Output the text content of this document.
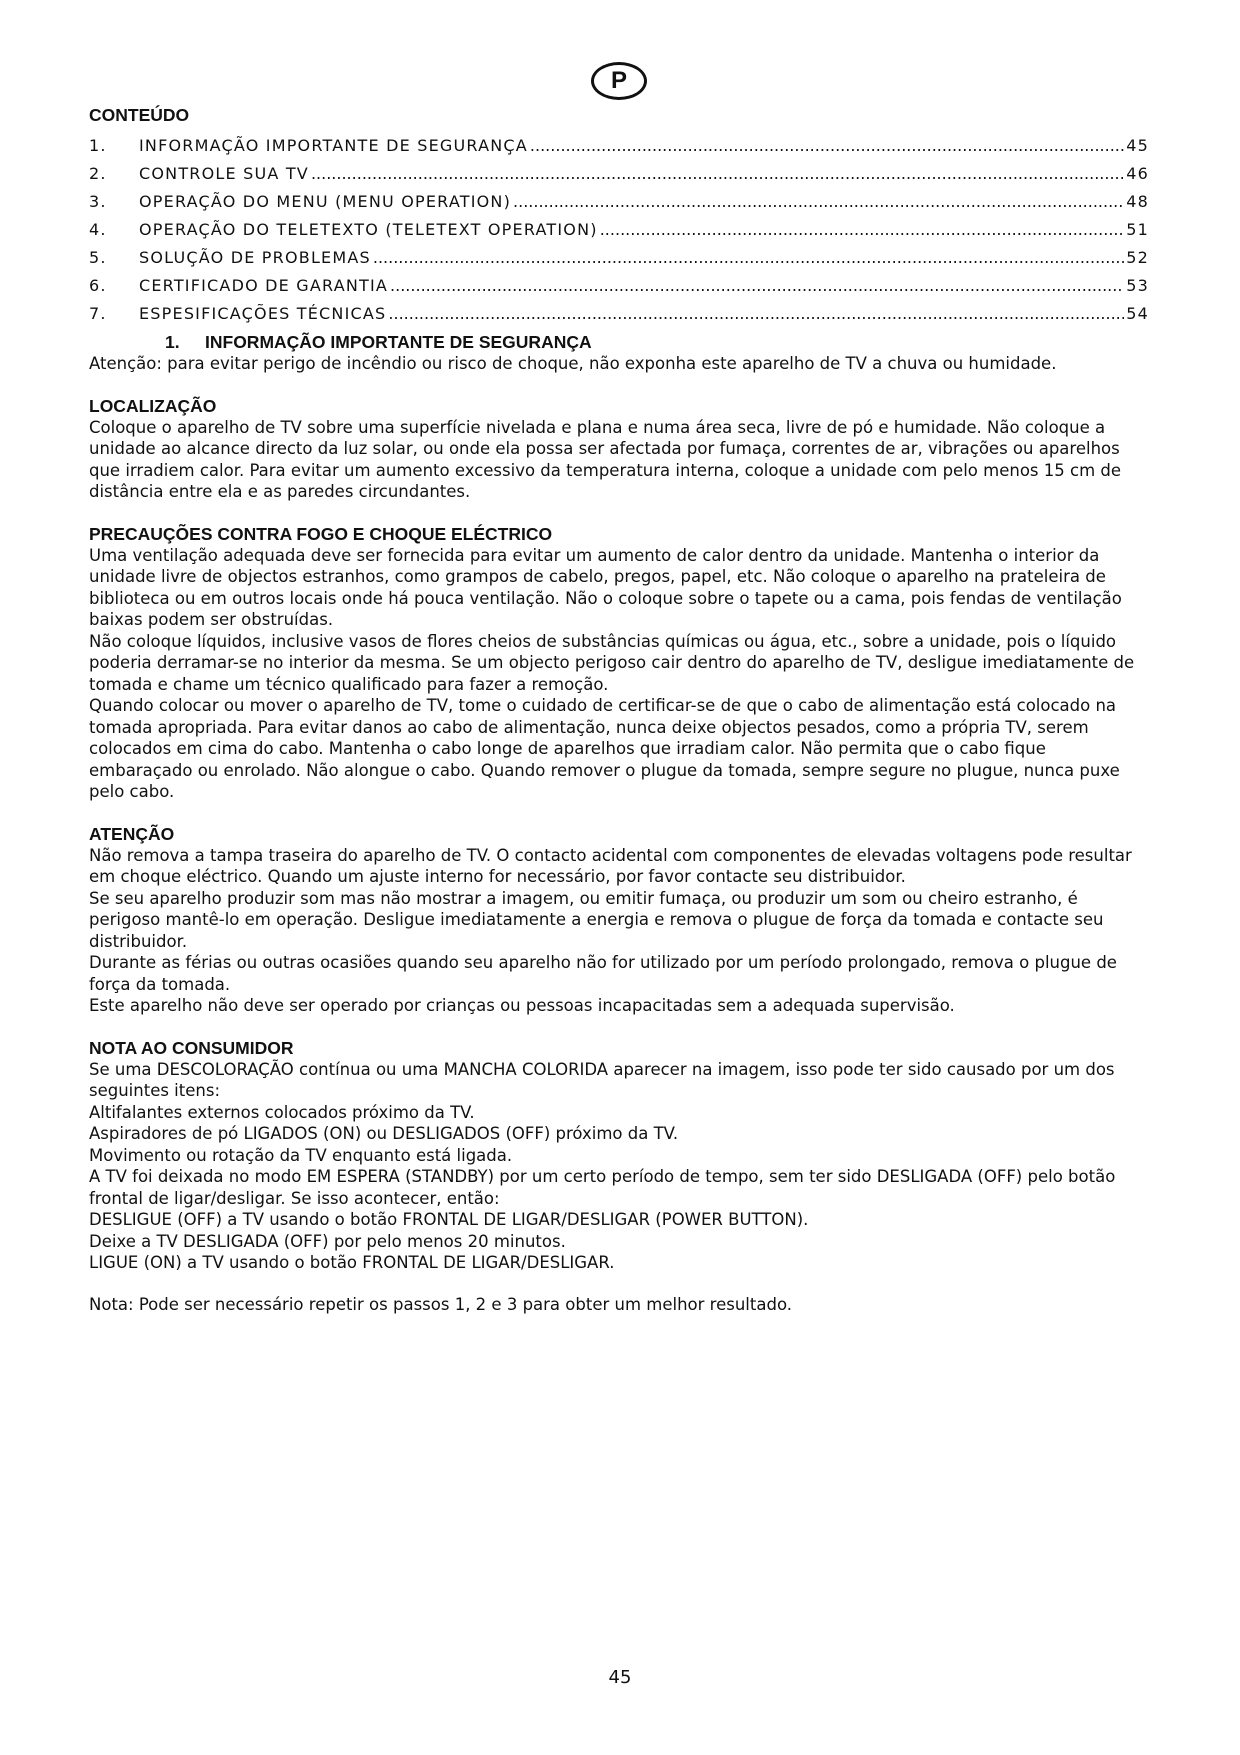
P
CONTEÚDO
1.	INFORMAÇÃO IMPORTANTE DE SEGURANÇA .....	45
2.	CONTROLE SUA TV .....	46
3.	OPERAÇÃO DO MENU (MENU OPERATION) .....	48
4.	OPERAÇÃO DO TELETEXTO (TELETEXT OPERATION) .....	51
5.	SOLUÇÃO DE PROBLEMAS .....	52
6.	CERTIFICADO DE GARANTIA .....	53
7.	ESPESIFICAÇÕES TÉCNICAS .....	54
1. INFORMAÇÃO IMPORTANTE DE SEGURANÇA

Atenção: para evitar perigo de incêndio ou risco de choque, não exponha este aparelho de TV a chuva ou humidade.

LOCALIZAÇÃO

Coloque o aparelho de TV sobre uma superfície nivelada e plana e numa área seca, livre de pó e humidade. Não coloque a unidade ao alcance directo da luz solar, ou onde ela possa ser afectada por fumaça, correntes de ar, vibrações ou aparelhos que irradiem calor. Para evitar um aumento excessivo da temperatura interna, coloque a unidade com pelo menos 15 cm de distância entre ela e as paredes circundantes.

PRECAUÇÕES CONTRA FOGO E CHOQUE ELÉCTRICO

Uma ventilação adequada deve ser fornecida para evitar um aumento de calor dentro da unidade. Mantenha o interior da unidade livre de objectos estranhos, como grampos de cabelo, pregos, papel, etc. Não coloque o aparelho na prateleira de biblioteca ou em outros locais onde há pouca ventilação. Não o coloque sobre o tapete ou a cama, pois fendas de ventilação baixas podem ser obstruídas.

Não coloque líquidos, inclusive vasos de flores cheios de substâncias químicas ou água, etc., sobre a unidade, pois o líquido poderia derramar-se no interior da mesma. Se um objecto perigoso cair dentro do aparelho de TV, desligue imediatamente de tomada e chame um técnico qualificado para fazer a remoção.

Quando colocar ou mover o aparelho de TV, tome o cuidado de certificar-se de que o cabo de alimentação está colocado na tomada apropriada. Para evitar danos ao cabo de alimentação, nunca deixe objectos pesados, como a própria TV, serem colocados em cima do cabo. Mantenha o cabo longe de aparelhos que irradiam calor. Não permita que o cabo fique embaraçado ou enrolado. Não alongue o cabo. Quando remover o plugue da tomada, sempre segure no plugue, nunca puxe pelo cabo.

ATENÇÃO

Não remova a tampa traseira do aparelho de TV. O contacto acidental com componentes de elevadas voltagens pode resultar em choque eléctrico. Quando um ajuste interno for necessário, por favor contacte seu distribuidor.

Se seu aparelho produzir som mas não mostrar a imagem, ou emitir fumaça, ou produzir um som ou cheiro estranho, é perigoso mantê-lo em operação. Desligue imediatamente a energia e remova o plugue de força da tomada e contacte seu distribuidor.

Durante as férias ou outras ocasiões quando seu aparelho não for utilizado por um período prolongado, remova o plugue de força da tomada.

Este aparelho não deve ser operado por crianças ou pessoas incapacitadas sem a adequada supervisão.

NOTA AO CONSUMIDOR

Se uma DESCOLORAÇÃO contínua ou uma MANCHA COLORIDA aparecer na imagem, isso pode ter sido causado por um dos seguintes itens:

Altifalantes externos colocados próximo da TV.

Aspiradores de pó LIGADOS (ON) ou DESLIGADOS (OFF) próximo da TV.

Movimento ou rotação da TV enquanto está ligada.

A TV foi deixada no modo EM ESPERA (STANDBY) por um certo período de tempo, sem ter sido DESLIGADA (OFF) pelo botão frontal de ligar/desligar. Se isso acontecer, então:

DESLIGUE (OFF) a TV usando o botão FRONTAL DE LIGAR/DESLIGAR (POWER BUTTON).

Deixe a TV DESLIGADA (OFF) por pelo menos 20 minutos.

LIGUE (ON) a TV usando o botão FRONTAL DE LIGAR/DESLIGAR.

Nota: Pode ser necessário repetir os passos 1, 2 e 3 para obter um melhor resultado.

45
